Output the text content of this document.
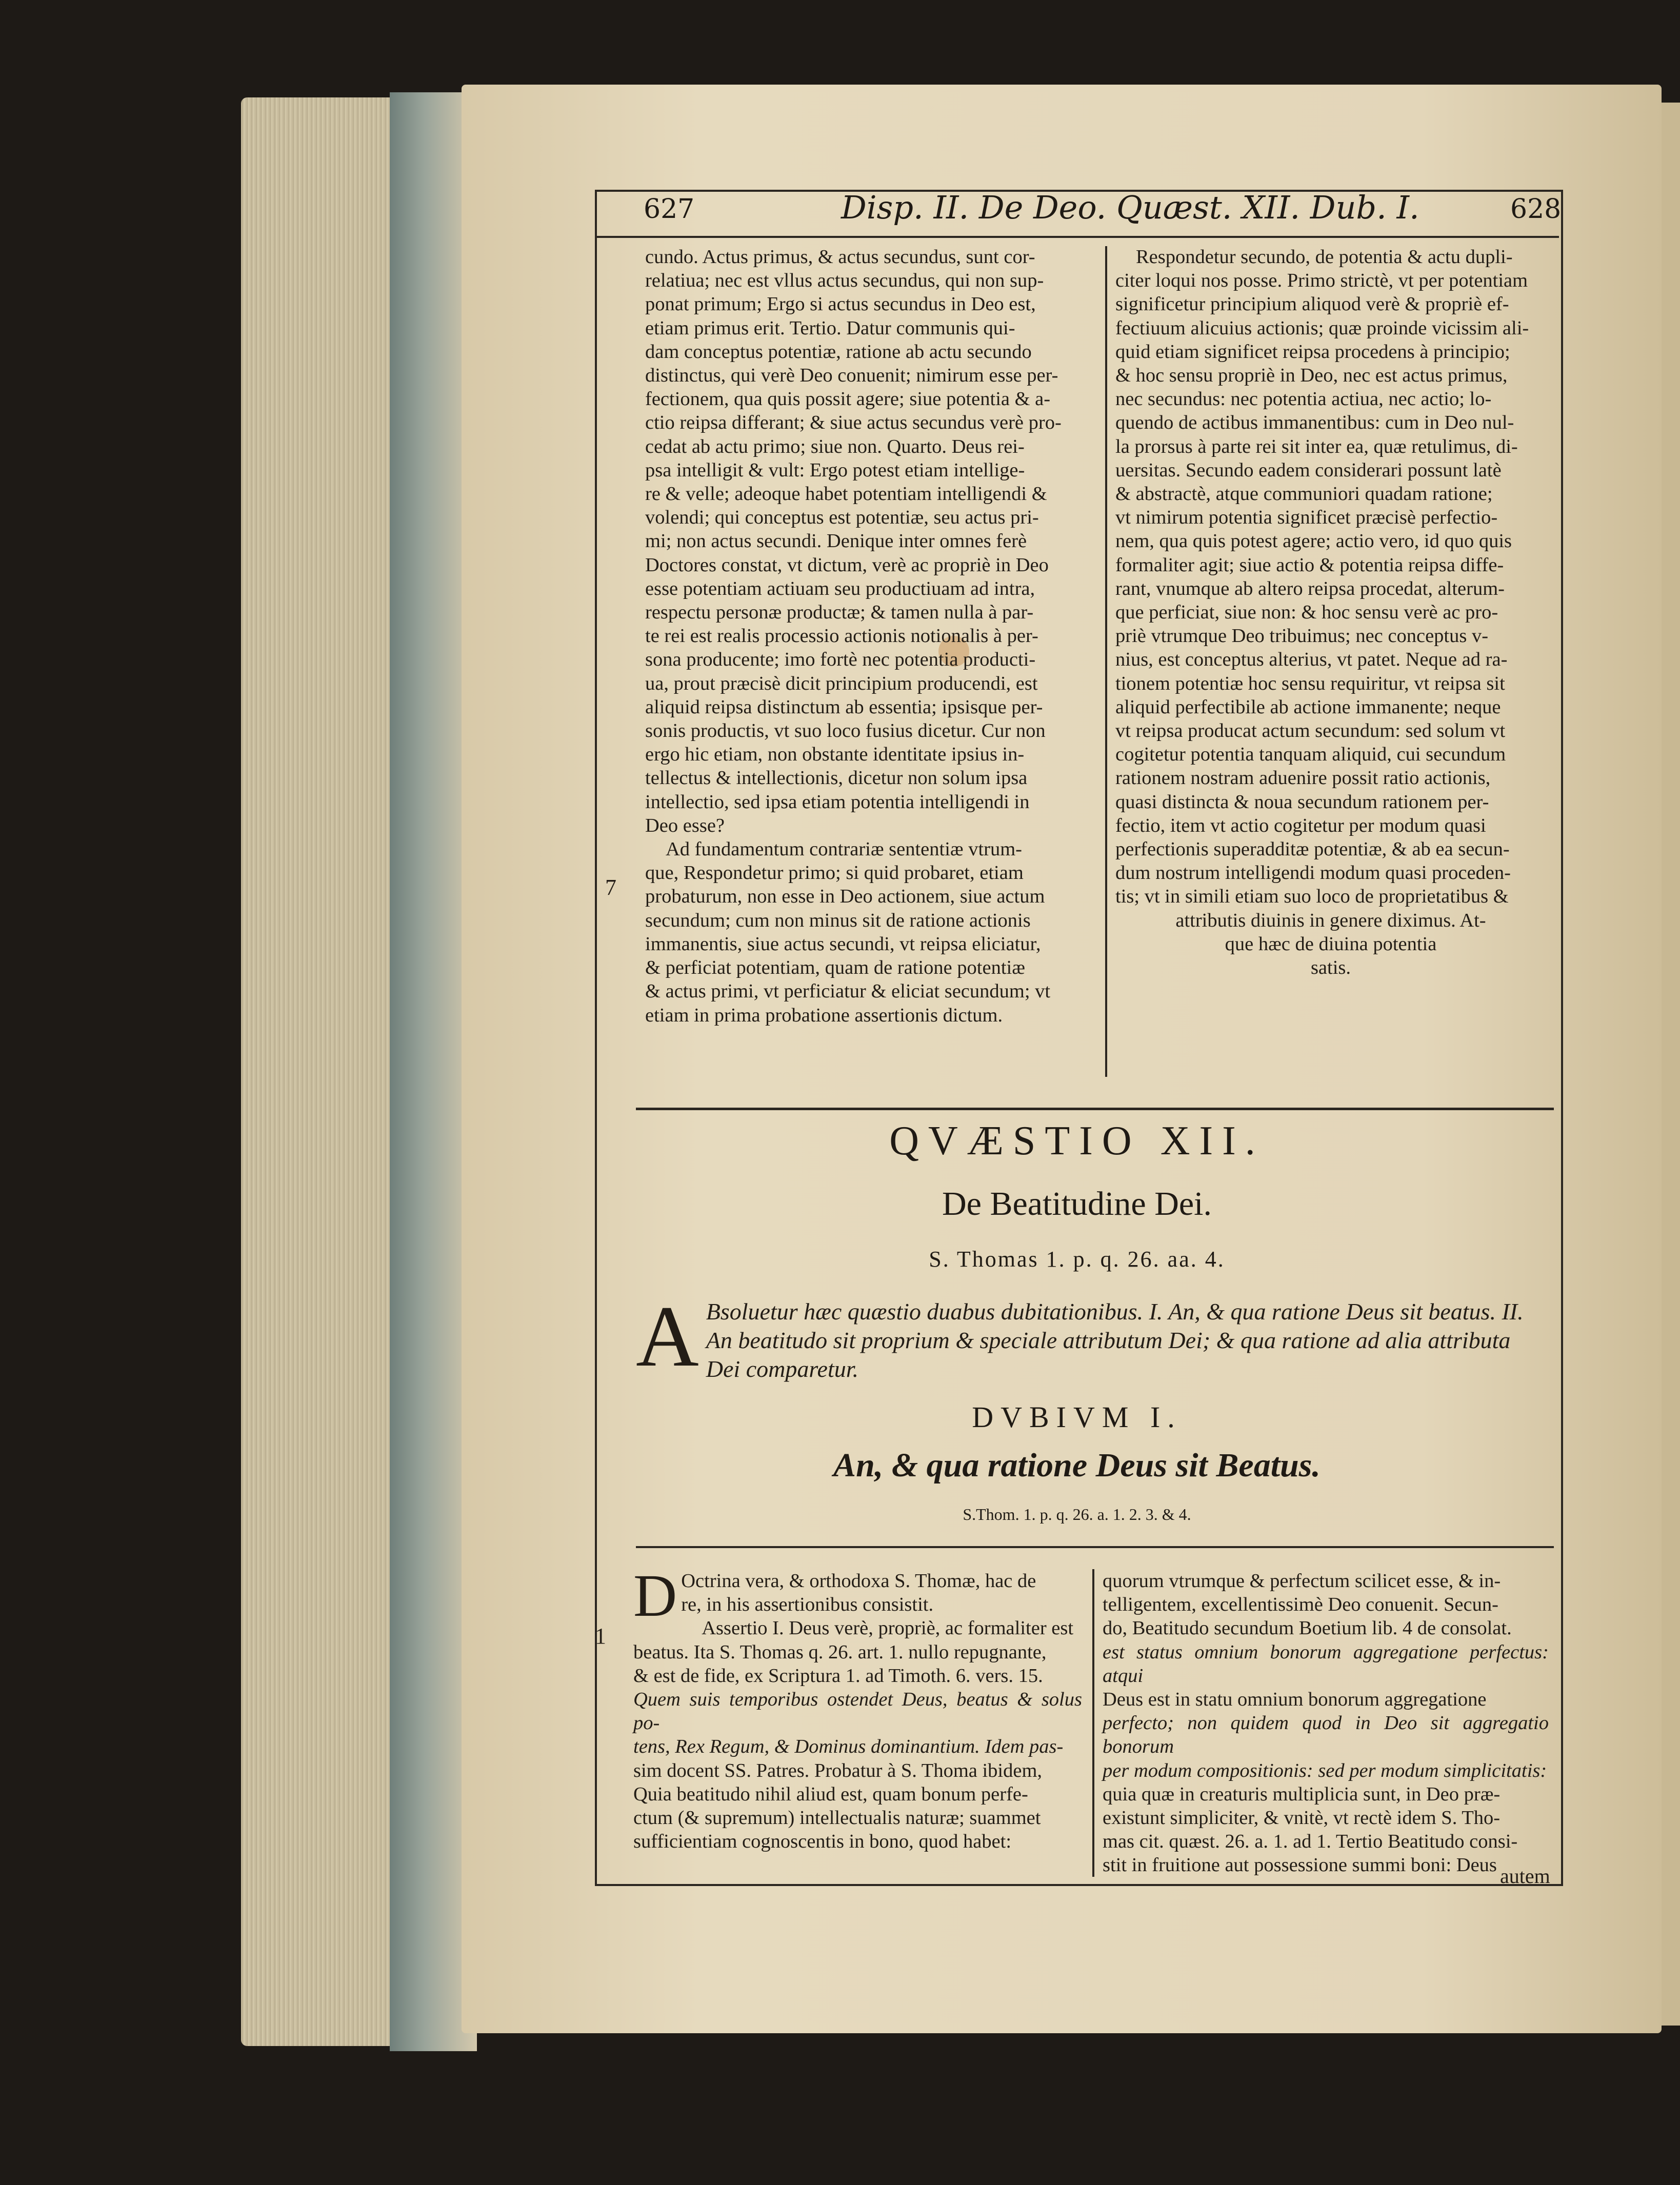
627	Disp. II. De Deo. Quæst. XII. Dub. I.	628

cundo. Actus primus, & actus secundus, sunt cor-

relatiua; nec est vllus actus secundus, qui non sup-

ponat primum; Ergo si actus secundus in Deo est,

etiam primus erit. Tertio. Datur communis qui-

dam conceptus potentiæ, ratione ab actu secundo

distinctus, qui verè Deo conuenit; nimirum esse per-

fectionem, qua quis possit agere; siue potentia & a-

ctio reipsa differant; & siue actus secundus verè pro-

cedat ab actu primo; siue non. Quarto. Deus rei-

psa intelligit & vult: Ergo potest etiam intellige-

re & velle; adeoque habet potentiam intelligendi &

volendi; qui conceptus est potentiæ, seu actus pri-

mi; non actus secundi. Denique inter omnes ferè

Doctores constat, vt dictum, verè ac propriè in Deo

esse potentiam actiuam seu productiuam ad intra,

respectu personæ productæ; & tamen nulla à par-

te rei est realis processio actionis notionalis à per-

sona producente; imo fortè nec potentia producti-

ua, prout præcisè dicit principium producendi, est

aliquid reipsa distinctum ab essentia; ipsisque per-

sonis productis, vt suo loco fusius dicetur. Cur non

ergo hic etiam, non obstante identitate ipsius in-

tellectus & intellectionis, dicetur non solum ipsa

intellectio, sed ipsa etiam potentia intelligendi in

Deo esse?

Ad fundamentum contrariæ sententiæ vtrum-

que, Respondetur primo; si quid probaret, etiam

probaturum, non esse in Deo actionem, siue actum

secundum; cum non minus sit de ratione actionis

immanentis, siue actus secundi, vt reipsa eliciatur,

& perficiat potentiam, quam de ratione potentiæ

& actus primi, vt perficiatur & eliciat secundum; vt

etiam in prima probatione assertionis dictum.

Respondetur secundo, de potentia & actu dupli-

citer loqui nos posse. Primo strictè, vt per potentiam

significetur principium aliquod verè & propriè ef-

fectiuum alicuius actionis; quæ proinde vicissim ali-

quid etiam significet reipsa procedens à principio;

& hoc sensu propriè in Deo, nec est actus primus,

nec secundus: nec potentia actiua, nec actio; lo-

quendo de actibus immanentibus: cum in Deo nul-

la prorsus à parte rei sit inter ea, quæ retulimus, di-

uersitas. Secundo eadem considerari possunt latè

& abstractè, atque communiori quadam ratione;

vt nimirum potentia significet præcisè perfectio-

nem, qua quis potest agere; actio vero, id quo quis

formaliter agit; siue actio & potentia reipsa diffe-

rant, vnumque ab altero reipsa procedat, alterum-

que perficiat, siue non: & hoc sensu verè ac pro-

priè vtrumque Deo tribuimus; nec conceptus v-

nius, est conceptus alterius, vt patet. Neque ad ra-

tionem potentiæ hoc sensu requiritur, vt reipsa sit

aliquid perfectibile ab actione immanente; neque

vt reipsa producat actum secundum: sed solum vt

cogitetur potentia tanquam aliquid, cui secundum

rationem nostram aduenire possit ratio actionis,

quasi distincta & noua secundum rationem per-

fectio, item vt actio cogitetur per modum quasi

perfectionis superadditæ potentiæ, & ab ea secun-

dum nostrum intelligendi modum quasi proceden-

tis; vt in simili etiam suo loco de proprietatibus &

attributis diuinis in genere diximus. At-

que hæc de diuina potentia

satis.

7
QVÆSTIO XII.
De Beatitudine Dei.
S. Thomas 1. p. q. 26. aa. 4.
A Bsoluetur hæc quæstio duabus dubitationibus. I. An, & qua ratione Deus sit beatus. II. An beatitudo sit proprium & speciale attributum Dei; & qua ratione ad alia attributa Dei comparetur.
DVBIVM I.
An, & qua ratione Deus sit Beatus.
S.Thom. 1. p. q. 26. a. 1. 2. 3. & 4.
D Octrina vera, & orthodoxa S. Thomæ, hac de

re, in his assertionibus consistit.

Assertio I. Deus verè, propriè, ac formaliter est

beatus. Ita S. Thomas q. 26. art. 1. nullo repugnante,

& est de fide, ex Scriptura 1. ad Timoth. 6. vers. 15.

Quem suis temporibus ostendet Deus, beatus & solus po-

tens, Rex Regum, & Dominus dominantium. Idem pas-

sim docent SS. Patres. Probatur à S. Thoma ibidem,

Quia beatitudo nihil aliud est, quam bonum perfe-

ctum (& supremum) intellectualis naturæ; suammet

sufficientiam cognoscentis in bono, quod habet:

quorum vtrumque & perfectum scilicet esse, & in-

telligentem, excellentissimè Deo conuenit. Secun-

do, Beatitudo secundum Boetium lib. 4 de consolat.

est status omnium bonorum aggregatione perfectus: atqui

Deus est in statu omnium bonorum aggregatione

perfecto; non quidem quod in Deo sit aggregatio bonorum

per modum compositionis: sed per modum simplicitatis:

quia quæ in creaturis multiplicia sunt, in Deo præ-

existunt simpliciter, & vnitè, vt rectè idem S. Tho-

mas cit. quæst. 26. a. 1. ad 1. Tertio Beatitudo consi-

stit in fruitione aut possessione summi boni: Deus

1
autem
